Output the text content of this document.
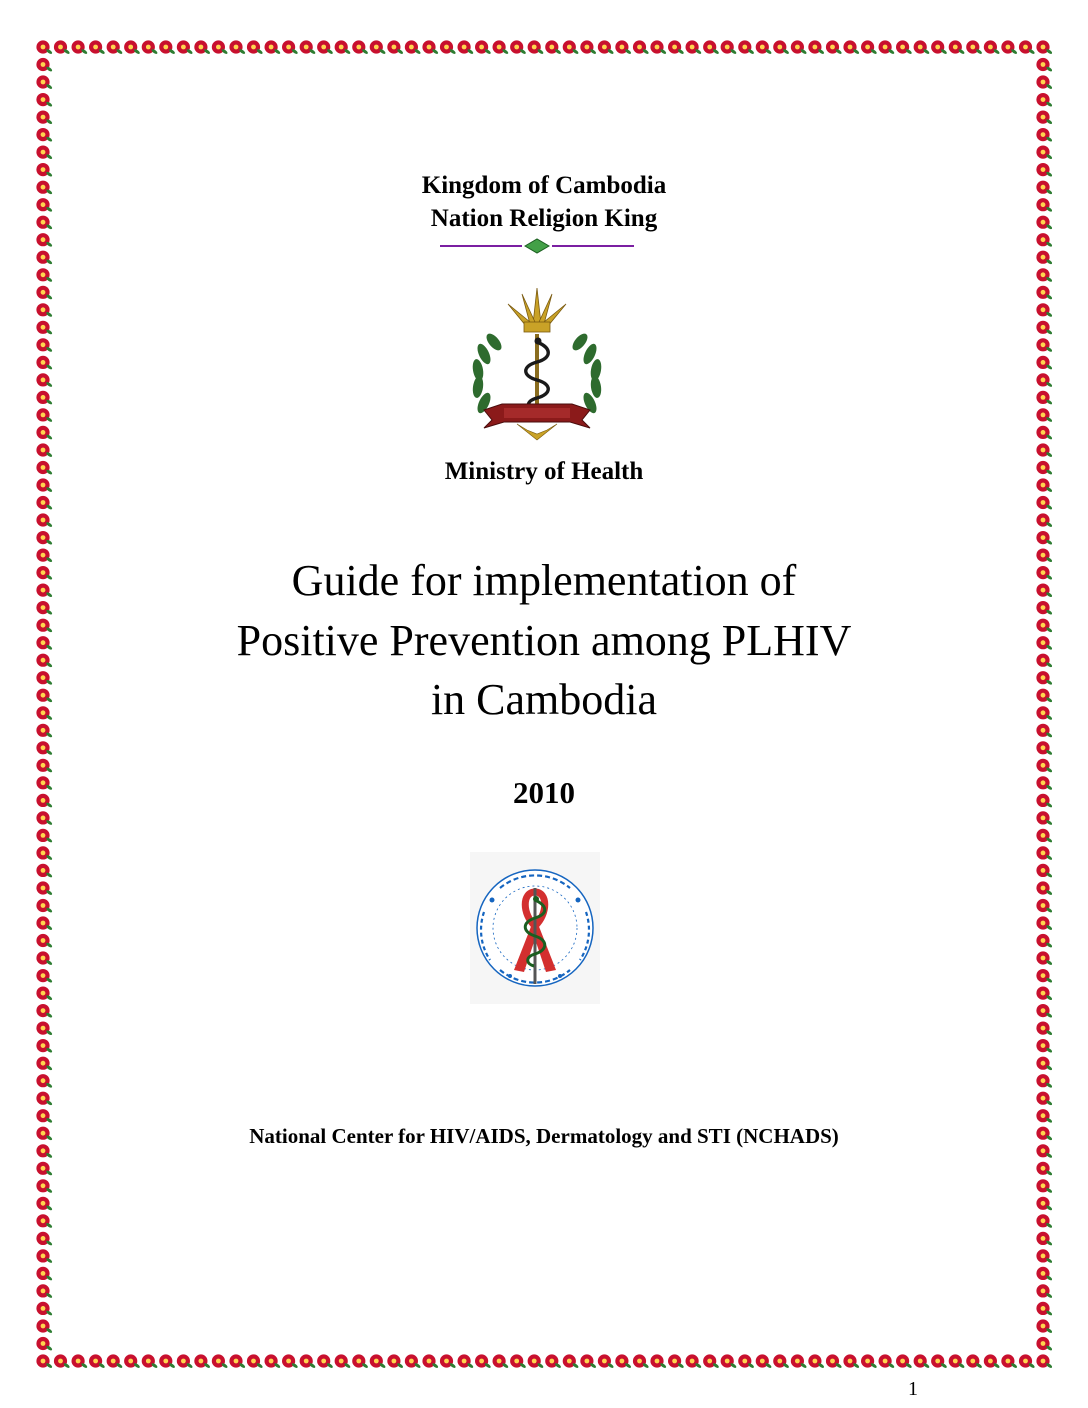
Kingdom of Cambodia
Nation Religion King
Ministry of Health
Guide for implementation of
Positive Prevention among PLHIV
in Cambodia
2010
National Center for HIV/AIDS, Dermatology and STI (NCHADS)
1
